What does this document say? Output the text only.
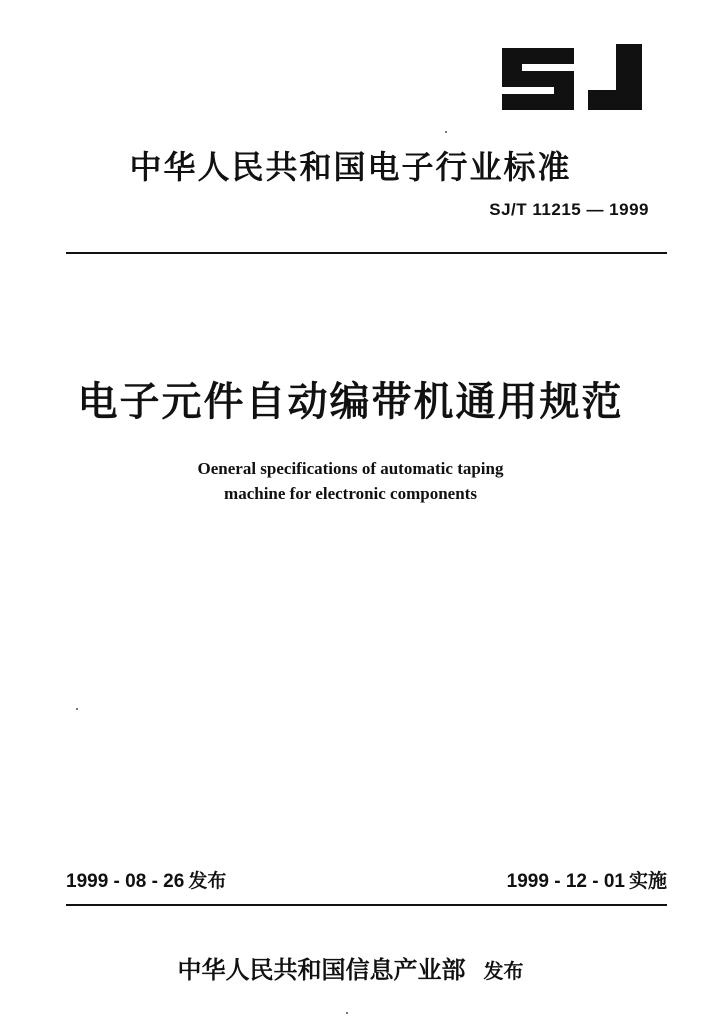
中华人民共和国电子行业标准
SJ/T 11215 — 1999
电子元件自动编带机通用规范
Oeneral specifications of automatic taping
machine for electronic components
1999 - 08 - 26 发布	1999 - 12 - 01 实施
中华人民共和国信息产业部 发布
